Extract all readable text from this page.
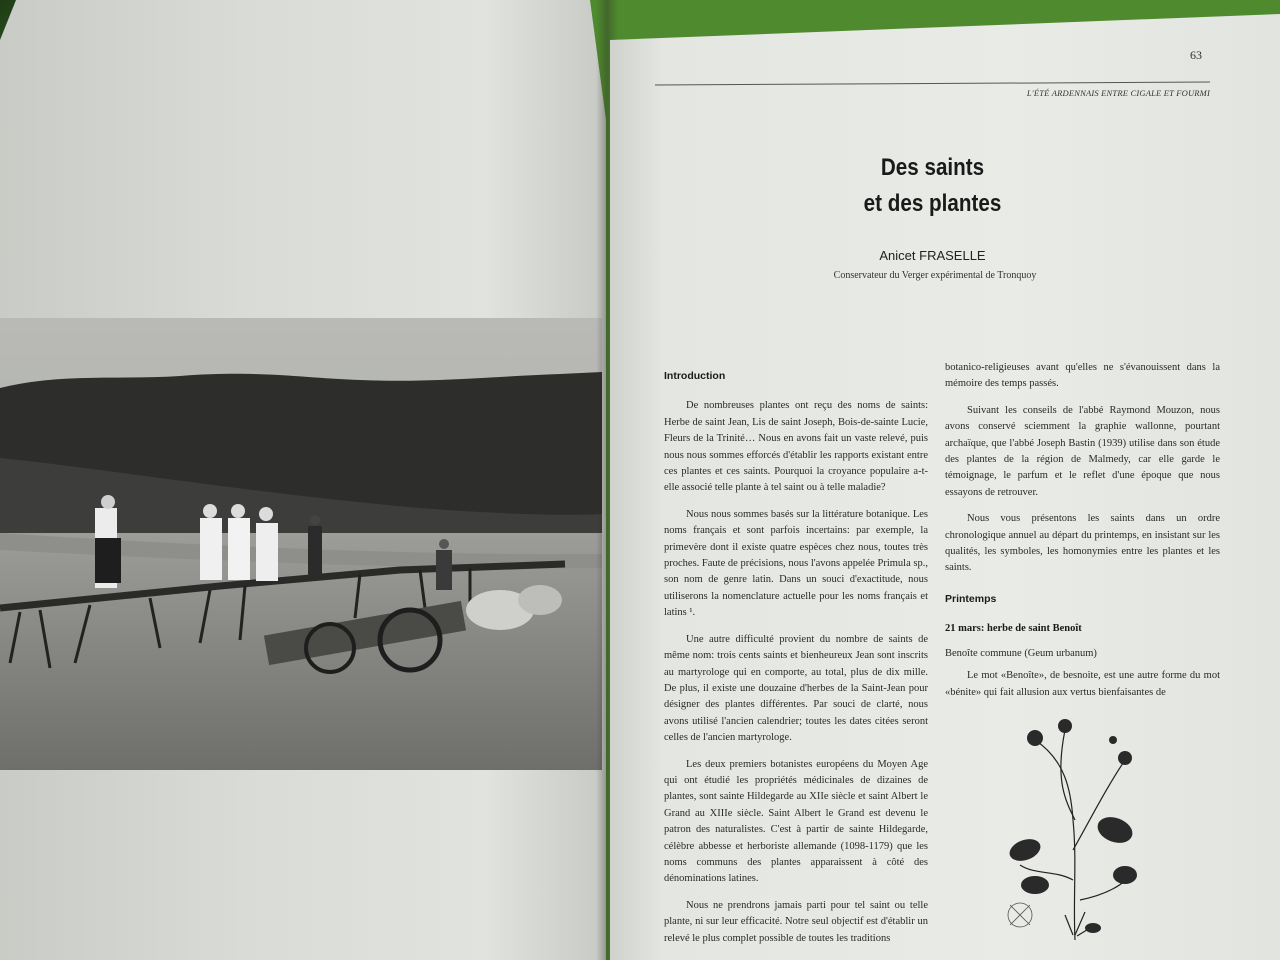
63
L'ÉTÉ ARDENNAIS ENTRE CIGALE ET FOURMI
Des saints
et des plantes
Anicet FRASELLE
Conservateur du Verger expérimental de Tronquoy
Introduction

De nombreuses plantes ont reçu des noms de saints: Herbe de saint Jean, Lis de saint Joseph, Bois-de-sainte Lucie, Fleurs de la Trinité… Nous en avons fait un vaste relevé, puis nous nous sommes efforcés d'établir les rapports existant entre ces plantes et ces saints. Pourquoi la croyance populaire a-t-elle associé telle plante à tel saint ou à telle maladie?

Nous nous sommes basés sur la littérature botanique. Les noms français et sont parfois incertains: par exemple, la primevère dont il existe quatre espèces chez nous, toutes très proches. Faute de précisions, nous l'avons appelée Primula sp., son nom de genre latin. Dans un souci d'exactitude, nous utiliserons la nomenclature actuelle pour les noms français et latins ¹.

Une autre difficulté provient du nombre de saints de même nom: trois cents saints et bienheureux Jean sont inscrits au martyrologe qui en comporte, au total, plus de dix mille. De plus, il existe une douzaine d'herbes de la Saint-Jean pour désigner des plantes différentes. Par souci de clarté, nous avons utilisé l'ancien calendrier; toutes les dates citées seront celles de l'ancien martyrologe.

Les deux premiers botanistes européens du Moyen Age qui ont étudié les propriétés médicinales de dizaines de plantes, sont sainte Hildegarde au XIIe siècle et saint Albert le Grand au XIIIe siècle. Saint Albert le Grand est devenu le patron des naturalistes. C'est à partir de sainte Hildegarde, célèbre abbesse et herboriste allemande (1098-1179) que les noms communs des plantes apparaissent à côté des dénominations latines.

Nous ne prendrons jamais parti pour tel saint ou telle plante, ni sur leur efficacité. Notre seul objectif est d'établir un relevé le plus complet possible de toutes les traditions

botanico-religieuses avant qu'elles ne s'évanouissent dans la mémoire des temps passés.

Suivant les conseils de l'abbé Raymond Mouzon, nous avons conservé sciemment la graphie wallonne, pourtant archaïque, que l'abbé Joseph Bastin (1939) utilise dans son étude des plantes de la région de Malmedy, car elle garde le témoignage, le parfum et le reflet d'une époque que nous essayons de retrouver.

Nous vous présentons les saints dans un ordre chronologique annuel au départ du printemps, en insistant sur les qualités, les symboles, les homonymies entre les plantes et les saints.

Printemps
21 mars: herbe de saint Benoît
Benoîte commune (Geum urbanum)

Le mot «Benoîte», de besnoite, est une autre forme du mot «bénite» qui fait allusion aux vertus bienfaisantes de
